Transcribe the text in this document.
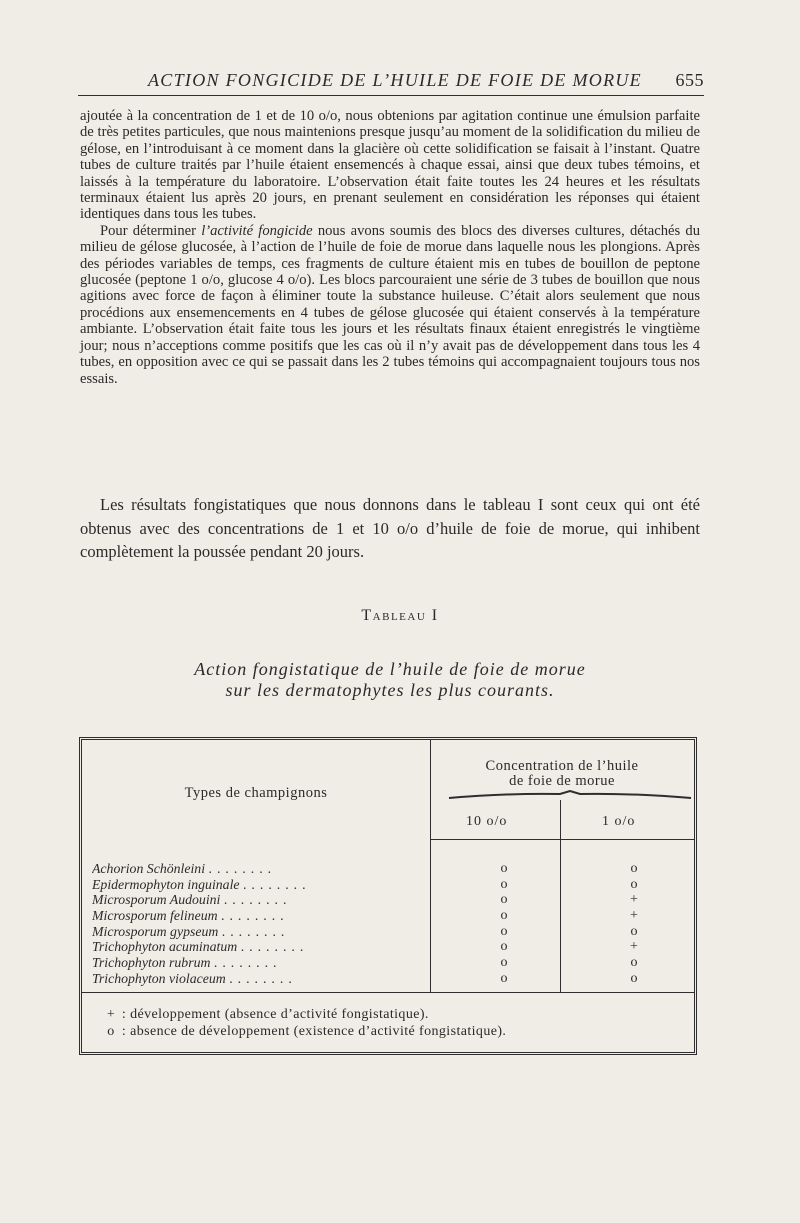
ACTION FONGICIDE DE L’HUILE DE FOIE DE MORUE 655

ajoutée à la concentration de 1 et de 10 o/o, nous obtenions par agitation continue une émulsion parfaite de très petites particules, que nous maintenions presque jusqu’au moment de la solidification du milieu de gélose, en l’introduisant à ce moment dans la glacière où cette solidification se faisait à l’instant. Quatre tubes de culture traités par l’huile étaient ensemencés à chaque essai, ainsi que deux tubes témoins, et laissés à la température du laboratoire. L’observation était faite toutes les 24 heures et les résultats terminaux étaient lus après 20 jours, en prenant seulement en considération les réponses qui étaient identiques dans tous les tubes.

Pour déterminer l’activité fongicide nous avons soumis des blocs des diverses cultures, détachés du milieu de gélose glucosée, à l’action de l’huile de foie de morue dans laquelle nous les plongions. Après des périodes variables de temps, ces fragments de culture étaient mis en tubes de bouillon de peptone glucosée (peptone 1 o/o, glucose 4 o/o). Les blocs parcouraient une série de 3 tubes de bouillon que nous agitions avec force de façon à éliminer toute la substance huileuse. C’était alors seulement que nous procédions aux ensemencements en 4 tubes de gélose glucosée qui étaient conservés à la température ambiante. L’observation était faite tous les jours et les résultats finaux étaient enregistrés le vingtième jour; nous n’acceptions comme positifs que les cas où il n’y avait pas de développement dans tous les 4 tubes, en opposition avec ce qui se passait dans les 2 tubes témoins qui accompagnaient toujours tous nos essais.

Les résultats fongistatiques que nous donnons dans le tableau I sont ceux qui ont été obtenus avec des concentrations de 1 et 10 o/o d’huile de foie de morue, qui inhibent complètement la poussée pendant 20 jours.

Tableau I
Action fongistatique de l’huile de foie de morue
sur les dermatophytes les plus courants.
Types de champignons
Concentration de l’huile
de foie de morue
10 o/o	1 o/o
Achorion Schönleini ........	o	o
Epidermophyton inguinale ........	o	o
Microsporum Audouini ........	o	+
Microsporum felineum ........	o	+
Microsporum gypseum ........	o	o
Trichophyton acuminatum ........	o	+
Trichophyton rubrum ........	o	o
Trichophyton violaceum ........	o	o
+ : développement (absence d’activité fongistatique).
o : absence de développement (existence d’activité fongistatique).
